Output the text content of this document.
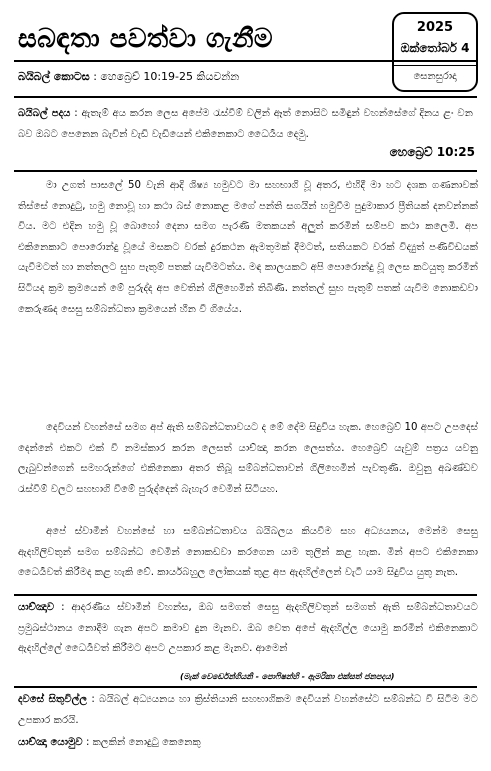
සබඳතා පවත්වා ගැනීම	2025
ඔක්තෝබර් 4
සෙනසුරාදා
බයිබල් කොටස : හෙබ්‍රෙව් 10:19-25 කියවන්න

බයිබල් පදය : ඇතැම් අය කරන ලෙස අපේම රැස්වීම් වලින් ඈත් නොසිට සමිඳුන් වහන්සේගේ දිනය ළං වන බව ඔබට පෙනෙන බැවින් වැඩි වැඩියෙන් එකිනෙකාට ධෛර්‍යය දෙමු.

හෙබ්‍රෙව් 10:25

මා උගත් පාසලේ 50 වැනි ආදි ශිෂ්‍ය හමුවට මා සහභාගි වූ අතර, එහිදී මා හට දශක ගණනාවක් තිස්සේ නොදුටු, හමු නොවූ හා කථා බස් නොකළ මගේ පන්ති සගයින් හමුවීම පුදුමාකාර ප්‍රීතියක් දනවන්නක් විය. මට එදින හමු වූ බොහෝ දෙනා සමග පැරණි මතකයන් අලුත් කරමින් සම්පව කථා කලෙමි. අප එකිනෙකාට පොරොන්දු වූයේ මසකට වරක් දුරකථන ඇමතුමක් දීමටත්, සතියකට වරක් විද්‍යුත් පණිවිඩයක් යැවීමටත් හා නත්තලට සුභ පැතුම් පතක් යැවීමටත්ය. මඳ කාලයකට අපි පොරොන්දු වූ ලෙස කටයුතු කරමින් සිටියද ක්‍රම ක්‍රමයෙන් මේ පුරුද්ද අප වෙතින් ගිලිහෙමින් තිබිණි. නත්තල් සුභ පැතුම් පතක් යැවීම නොකඩවා කෙරුණද සෙසු සම්බන්ධතා ක්‍රමයෙන් හීන වී ගියේය.

දෙවියන් වහන්සේ සමග අප් ඇති සම්බන්ධතාවයට ද මේ දේම සිදුවිය හැක. හෙබ්‍රෙව් 10 අපට උපදෙස් දෙන්නේ එකට එක් වී නමස්කාර කරන ලෙසත් යාච්ඤා කරන ලෙසත්ය. හෙබ්‍රෙව් යැවුම් පත්‍රය යවනු ලැබුවන්ගෙන් සමහරුන්ගේ එකිනෙකා අතර තිබූ සම්බන්ධතාවන් ගිලිහෙමින් පැවතුණි. ඔවුනු අඛණ්ඩව රැස්වීම් වලට සහභාගි වීමේ පුරුද්දෙන් බැහැර වෙමින් සිටියහ.

අපේ ස්වාමීන් වහන්සේ හා සම්බන්ධතාවය බයිබලය කියවීම සහ අධ්‍යයනය, මෙන්ම සෙසු ඇදහිලිවතුන් සමග සම්බන්ධ වෙමින් නොකඩවා කරගෙන යාම තුලින් කළ හැක. මින් අපට එකිනෙකා ධෛර්‍යවත් කිරීමද කළ හැකි වේ. කාර්යබහුල ලෝකයක් තුළ අප ඇදහිල්ලෙන් වැටී යාම සිදුවිය යුතු නැත.

යාච්ඤාව : ආදරණීය ස්වාමීන් වහන්ස, ඔබ සමගත් සෙසු ඇදහිලිවතුන් සමගත් ඇති සම්බන්ධතාවයට ප්‍රමුඛස්ථානය නොදීම ගැන අපට කමාව දුන මැනව. ඔබ වෙත අපේ ඇදහිල්ල යොමු කරමින් එකිනෙකාට ඇදහිල්ලේ ධෛර්‍යවත් කිරීමට අපට උපකාර කළ මැනව. ආමෙන්

(මැක් වෙර්ඩෙන්ගියනි - පොෆිෂන්හි - ඇමරිකා එක්සත් ජනපදය)

දවසේ සිතුවිල්ල : බයිබල් අධ්‍යයනය හා ක්‍රිස්තියානි සහභාගිකම දෙවියන් වහන්සේට සම්බන්ධ වී සිටීම මට උපකාර කරයි.

යාච්ඤා යොමුව : කලකින් නොදුටු කෙනෙකු
